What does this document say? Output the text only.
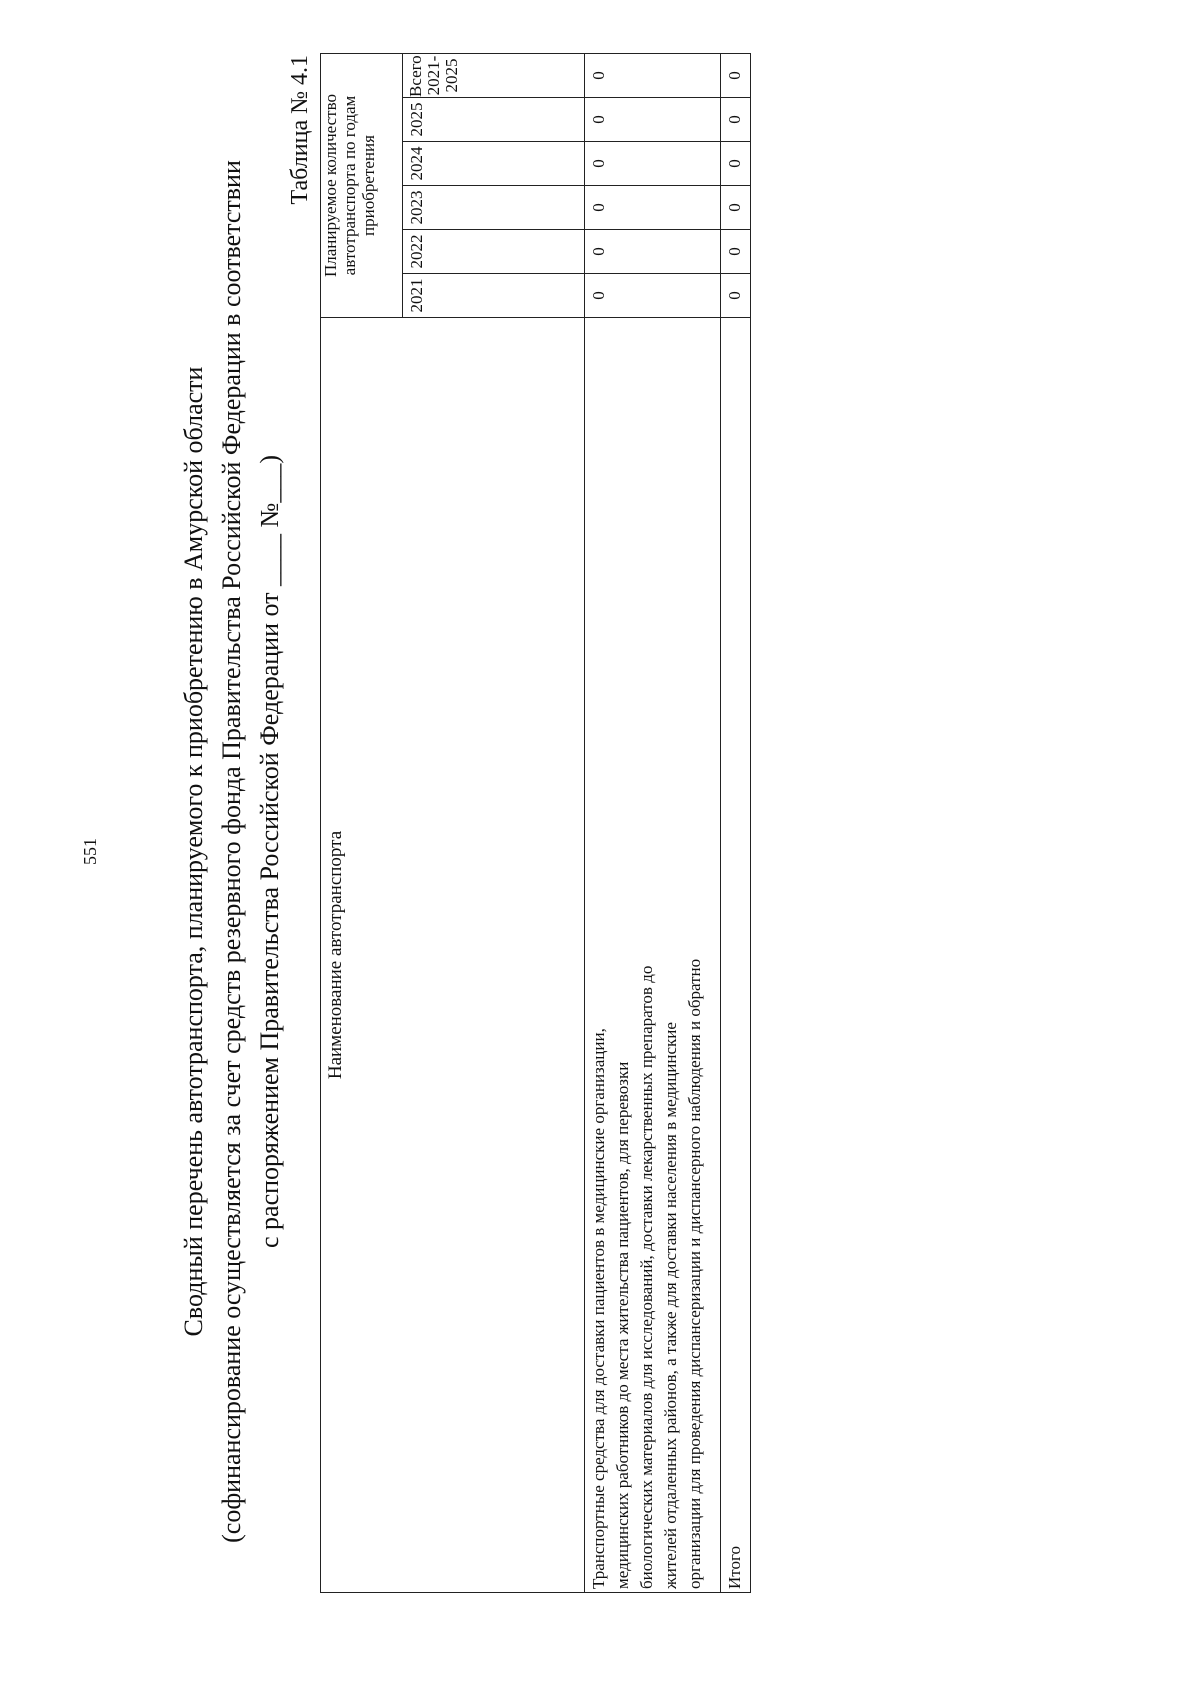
551	Сводный перечень автотранспорта, планируемого к приобретению в Амурской области (софинансирование осуществляется за счет средств резервного фонда Правительства Российской Федерации в соответствии с распоряжением Правительства Российской Федерации от ____ №___)
Таблица № 4.1
Наименование автотранспорта	Планируемое количество автотранспорта по годам приобретения					

2021	2022	2023	2024	2025	Всего 2021-2025

Транспортные средства для доставки пациентов в медицинские организации, медицинских работников до места жительства пациентов, для перевозки биологических материалов для исследований, доставки лекарственных препаратов до жителей отдаленных районов, а также для доставки населения в медицинские организации для проведения диспансеризации и диспансерного наблюдения и обратно	0	0	0	0	0	0

Итого	0	0	0	0	0	0
